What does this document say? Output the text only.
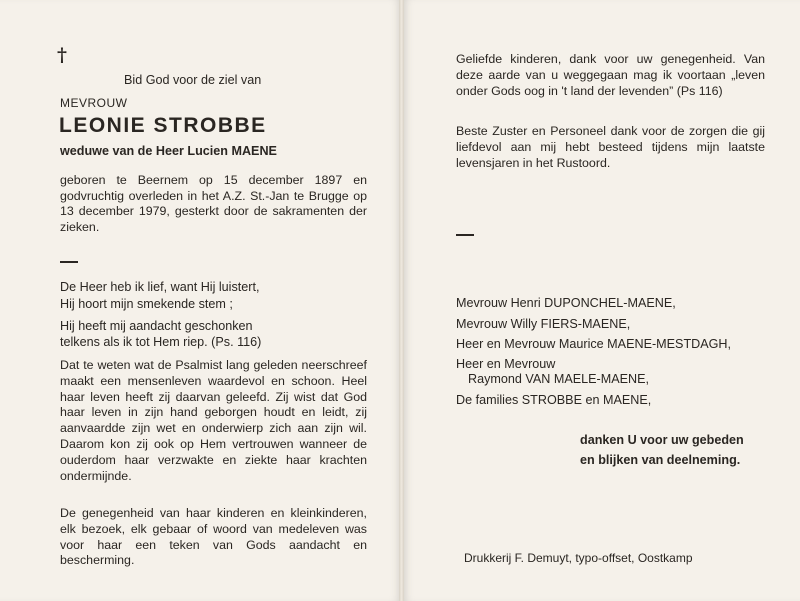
†
Bid God voor de ziel van
MEVROUW
LEONIE STROBBE
weduwe van de Heer Lucien MAENE

geboren te Beernem op 15 december 1897 en godvruchtig overleden in het A.Z. St.-Jan te Brugge op 13 december 1979, gesterkt door de sakramenten der zieken.

De Heer heb ik lief, want Hij luistert,
Hij hoort mijn smekende stem ;
Hij heeft mij aandacht geschonken
telkens als ik tot Hem riep. (Ps. 116)

Dat te weten wat de Psalmist lang geleden neerschreef maakt een mensenleven waardevol en schoon. Heel haar leven heeft zij daarvan geleefd. Zij wist dat God haar leven in zijn hand geborgen houdt en leidt, zij aanvaardde zijn wet en onderwierp zich aan zijn wil. Daarom kon zij ook op Hem vertrouwen wanneer de ouderdom haar verzwakte en ziekte haar krachten ondermijnde.

De genegenheid van haar kinderen en kleinkinderen, elk bezoek, elk gebaar of woord van medeleven was voor haar een teken van Gods aandacht en bescherming.

Geliefde kinderen, dank voor uw genegenheid. Van deze aarde van u weggegaan mag ik voortaan „leven onder Gods oog in 't land der levenden” (Ps 116)

Beste Zuster en Personeel dank voor de zorgen die gij liefdevol aan mij hebt besteed tijdens mijn laatste levensjaren in het Rustoord.

Mevrouw Henri DUPONCHEL-MAENE,
Mevrouw Willy FIERS-MAENE,
Heer en Mevrouw Maurice MAENE-MESTDAGH,
Heer en Mevrouw
Raymond VAN MAELE-MAENE,
De families STROBBE en MAENE,
danken U voor uw gebeden
en blijken van deelneming.
Drukkerij F. Demuyt, typo-offset, Oostkamp
